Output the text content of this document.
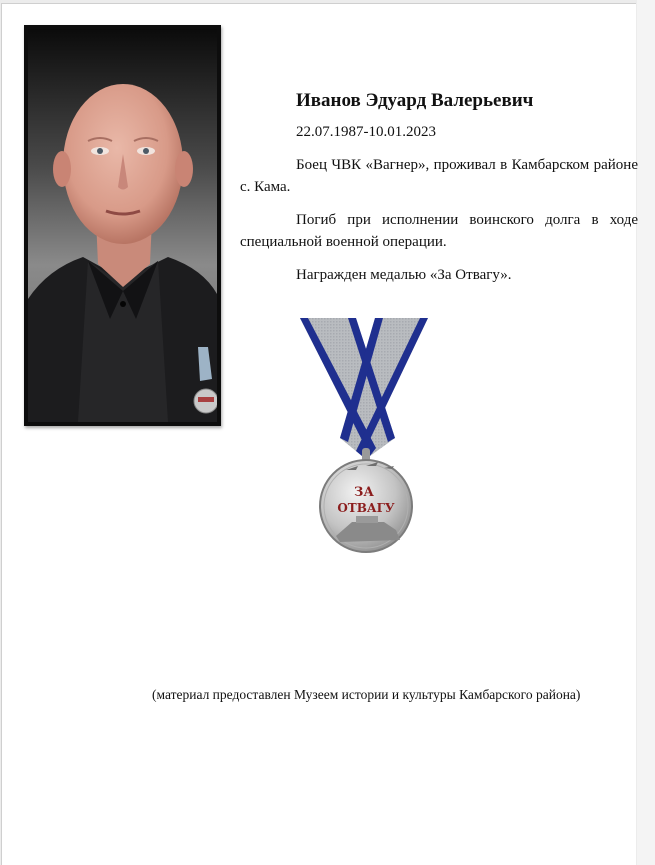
Иванов Эдуард Валерьевич

22.07.1987-10.01.2023

Боец ЧВК «Вагнер», проживал в Камбарском районе с. Кама.

Погиб при исполнении воинского долга в ходе специальной военной операции.

Награжден медалью «За Отвагу».

ЗА
ОТВАГУ
(материал предоставлен Музеем истории и культуры Камбарского района)
